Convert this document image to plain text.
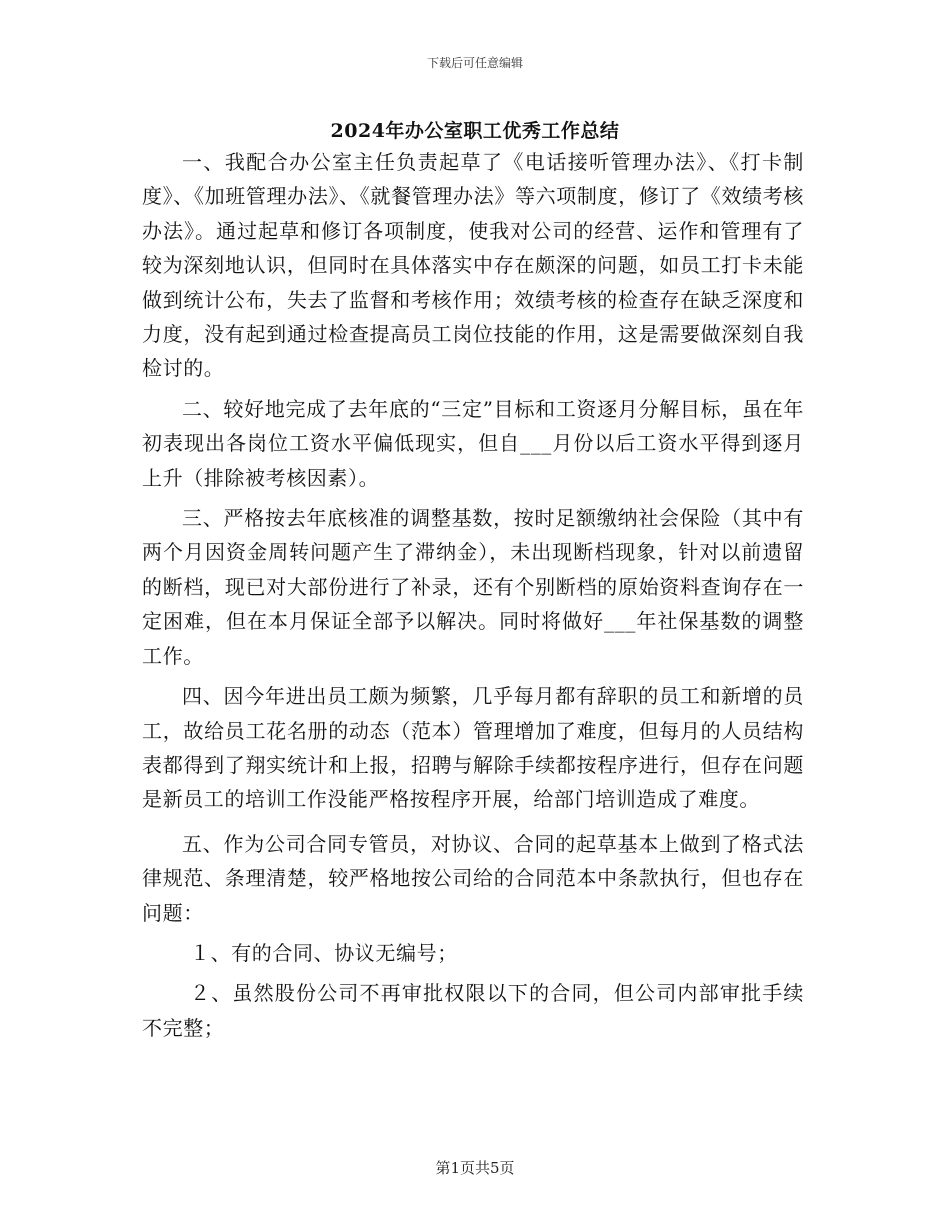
下载后可任意编辑
2024年办公室职工优秀工作总结

一、我配合办公室主任负责起草了《电话接听管理办法》、《打卡制度》、《加班管理办法》、《就餐管理办法》等六项制度，修订了《效绩考核办法》。通过起草和修订各项制度，使我对公司的经营、运作和管理有了较为深刻地认识，但同时在具体落实中存在颇深的问题，如员工打卡未能做到统计公布，失去了监督和考核作用；效绩考核的检查存在缺乏深度和力度，没有起到通过检查提高员工岗位技能的作用，这是需要做深刻自我检讨的。

二、较好地完成了去年底的“三定”目标和工资逐月分解目标，虽在年初表现出各岗位工资水平偏低现实，但自___月份以后工资水平得到逐月上升（排除被考核因素）。

三、严格按去年底核准的调整基数，按时足额缴纳社会保险（其中有两个月因资金周转问题产生了滞纳金），未出现断档现象，针对以前遗留的断档，现已对大部份进行了补录，还有个别断档的原始资料查询存在一定困难，但在本月保证全部予以解决。同时将做好___年社保基数的调整工作。

四、因今年进出员工颇为频繁，几乎每月都有辞职的员工和新增的员工，故给员工花名册的动态（范本）管理增加了难度，但每月的人员结构表都得到了翔实统计和上报，招聘与解除手续都按程序进行，但存在问题是新员工的培训工作没能严格按程序开展，给部门培训造成了难度。

五、作为公司合同专管员，对协议、合同的起草基本上做到了格式法律规范、条理清楚，较严格地按公司给的合同范本中条款执行，但也存在问题：

１、有的合同、协议无编号；

２、虽然股份公司不再审批权限以下的合同，但公司内部审批手续不完整；

第1页共5页
